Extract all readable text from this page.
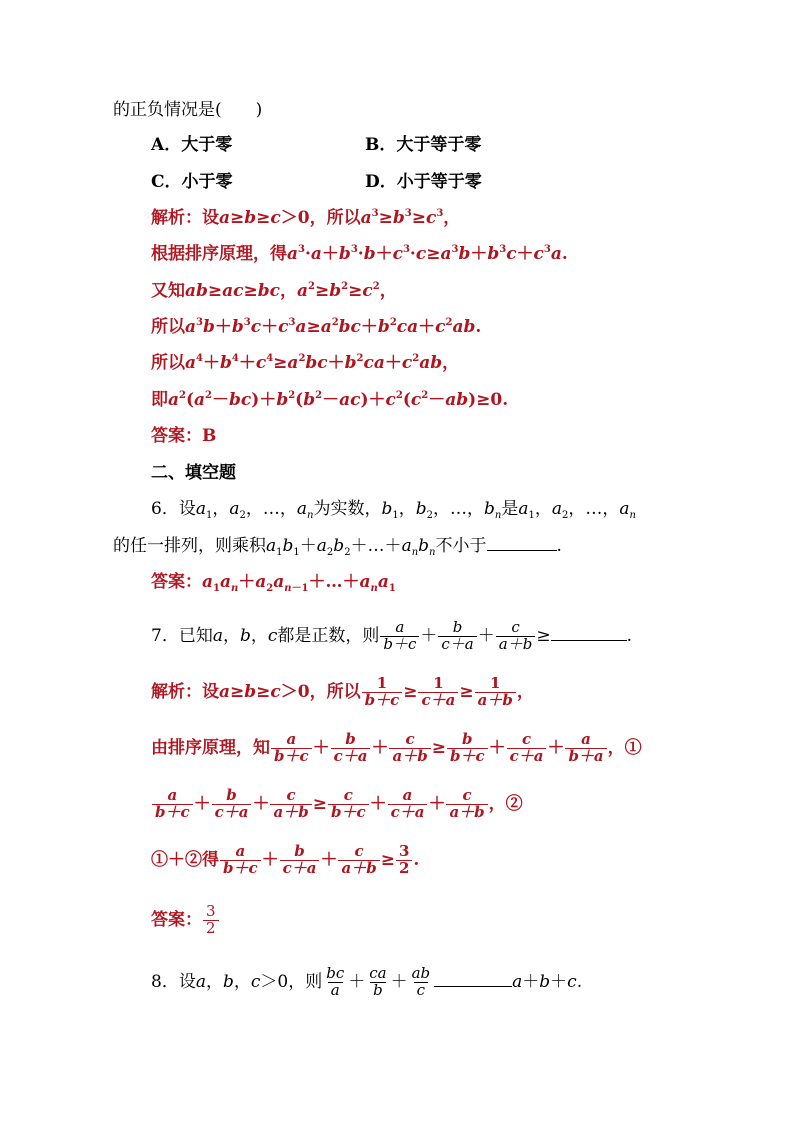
的正负情况是( )
A．大于零	B．大于等于零
C．小于零	D．小于等于零
解析：设a≥b≥c＞0，所以$a^3\ge b^3\ge c^3$，
根据排序原理，得$a^3\cdot a+b^3\cdot b+c^3\cdot c\ge a^3b+b^3c+c^3a$.
又知ab≥ac≥bc，$a^2\ge b^2\ge c^2$，
所以$a^3b+b^3c+c^3a\ge a^2bc+b^2ca+c^2ab$.
所以$a^4+b^4+c^4\ge a^2bc+b^2ca+c^2ab$，
即$a^2(a^2-bc)+b^2(b^2-ac)+c^2(c^2-ab)\ge 0$.
答案：B
二、填空题
6．设$a_1$，$a_2$，…，$a_n$为实数，$b_1$，$b_2$，…，$b_n$是$a_1$，$a_2$，…，$a_n$
的任一排列，则乘积$a_1b_1+a_2b_2+\dots+a_nb_n$不小于	.
答案：$a_1a_n+a_2a_{n-1}+\dots+a_na_1$
7．已知a，b，c都是正数，则 $\frac{a}{b+c} + \frac{b}{c+a} + \frac{c}{a+b}$ ≥	.
解析：设a≥b≥c＞0，所以 $\frac{1}{b+c} \ge \frac{1}{c+a} \ge \frac{1}{a+b}$ ，
由排序原理，知 $\frac{a}{b+c} + \frac{b}{c+a} + \frac{c}{a+b} \ge \frac{b}{b+c} + \frac{c}{c+a} + \frac{a}{b+a}$ ，①
$\frac{a}{b+c} + \frac{b}{c+a} + \frac{c}{a+b} \ge \frac{c}{b+c} + \frac{a}{c+a} + \frac{c}{a+b}$ ，②
①＋②得 $\frac{a}{b+c} + \frac{b}{c+a} + \frac{c}{a+b} \ge \frac{3}{2}$ .
答案： $\frac{3}{2}$
8．设a，b，c＞0，则 $\frac{bc}{a} + \frac{ca}{b} + \frac{ab}{c}$	a＋b＋c.
